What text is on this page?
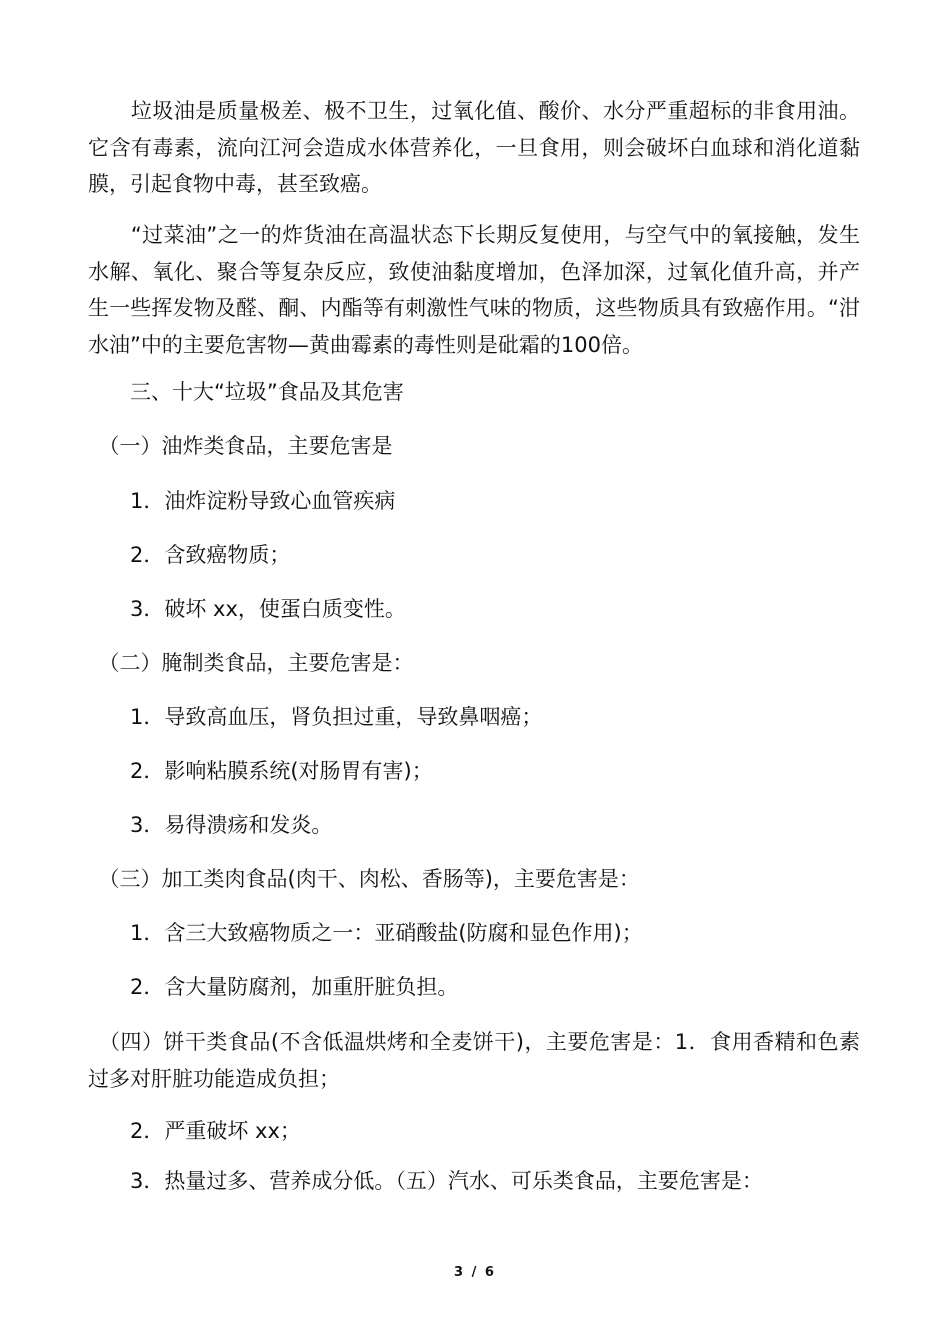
　　垃圾油是质量极差、极不卫生，过氧化值、酸价、水分严重超标的非食用油。它含有毒素，流向江河会造成水体营养化，一旦食用，则会破坏白血球和消化道黏膜，引起食物中毒，甚至致癌。

　　“过菜油”之一的炸货油在高温状态下长期反复使用，与空气中的氧接触，发生水解、氧化、聚合等复杂反应，致使油黏度增加，色泽加深，过氧化值升高，并产生一些挥发物及醛、酮、内酯等有刺激性气味的物质，这些物质具有致癌作用。“泔水油”中的主要危害物—黄曲霉素的毒性则是砒霜的100倍。

　　三、十大“垃圾”食品及其危害

　（一）油炸类食品，主要危害是

　　1．油炸淀粉导致心血管疾病

　　2．含致癌物质；

　　3．破坏 xx，使蛋白质变性。

　（二）腌制类食品，主要危害是：

　　1．导致高血压，肾负担过重，导致鼻咽癌；

　　2．影响粘膜系统(对肠胃有害)；

　　3．易得溃疡和发炎。

　（三）加工类肉食品(肉干、肉松、香肠等)，主要危害是：

　　1．含三大致癌物质之一：亚硝酸盐(防腐和显色作用)；

　　2．含大量防腐剂，加重肝脏负担。

　（四）饼干类食品(不含低温烘烤和全麦饼干)，主要危害是：1．食用香精和色素过多对肝脏功能造成负担；

　　2．严重破坏 xx；

　　3．热量过多、营养成分低。（五）汽水、可乐类食品，主要危害是：

3 / 6
